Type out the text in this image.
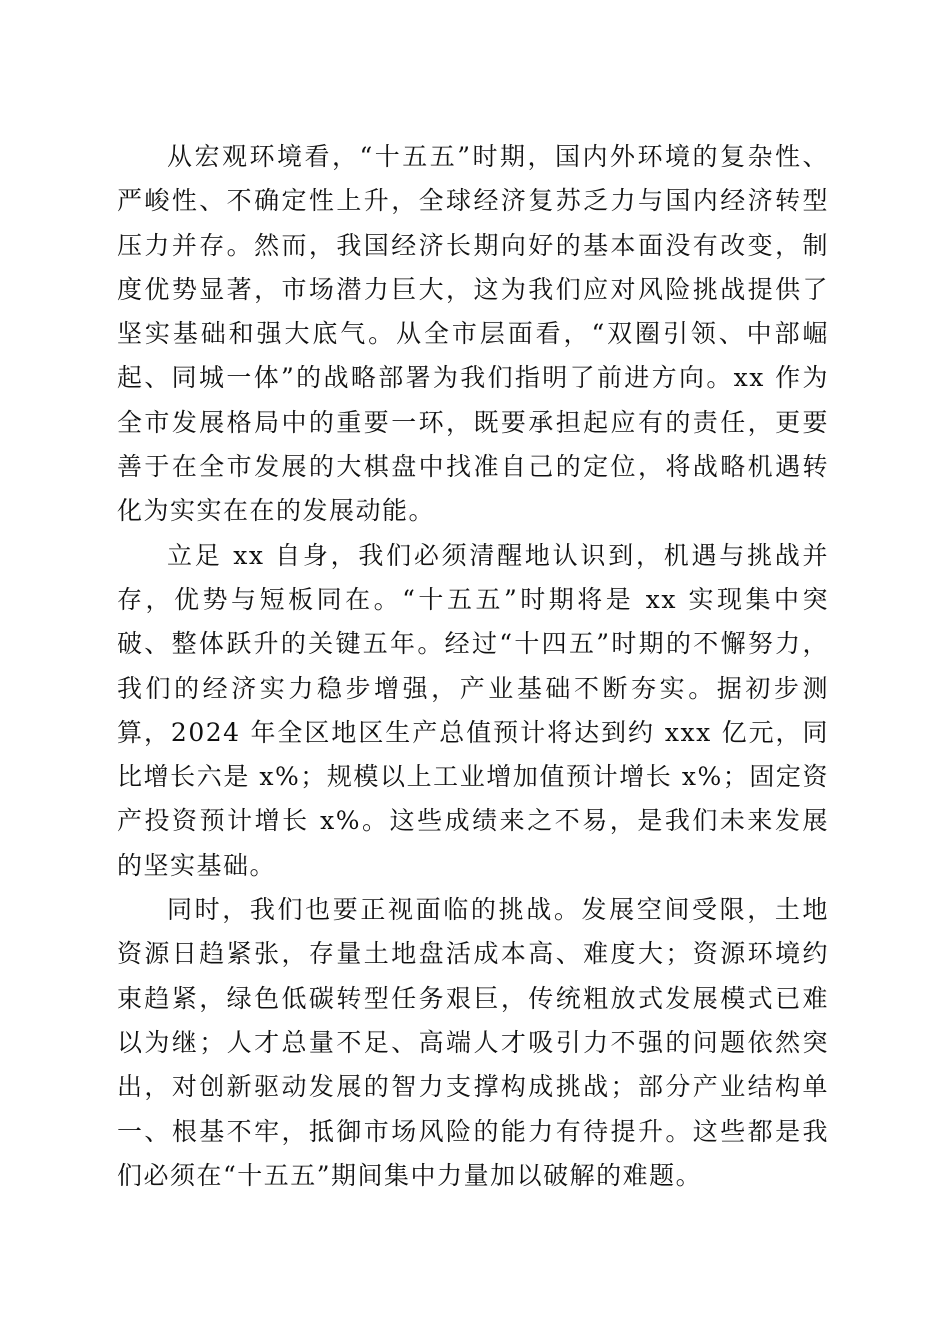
从宏观环境看，“十五五”时期，国内外环境的复杂性、严峻性、不确定性上升，全球经济复苏乏力与国内经济转型压力并存。然而，我国经济长期向好的基本面没有改变，制度优势显著，市场潜力巨大，这为我们应对风险挑战提供了坚实基础和强大底气。从全市层面看，“双圈引领、中部崛起、同城一体”的战略部署为我们指明了前进方向。xx 作为全市发展格局中的重要一环，既要承担起应有的责任，更要善于在全市发展的大棋盘中找准自己的定位，将战略机遇转化为实实在在的发展动能。

立足 xx 自身，我们必须清醒地认识到，机遇与挑战并存，优势与短板同在。“十五五”时期将是 xx 实现集中突破、整体跃升的关键五年。经过“十四五”时期的不懈努力，我们的经济实力稳步增强，产业基础不断夯实。据初步测算，2024 年全区地区生产总值预计将达到约 xxx 亿元，同比增长六是 x%；规模以上工业增加值预计增长 x%；固定资产投资预计增长 x%。这些成绩来之不易，是我们未来发展的坚实基础。

同时，我们也要正视面临的挑战。发展空间受限，土地资源日趋紧张，存量土地盘活成本高、难度大；资源环境约束趋紧，绿色低碳转型任务艰巨，传统粗放式发展模式已难以为继；人才总量不足、高端人才吸引力不强的问题依然突出，对创新驱动发展的智力支撑构成挑战；部分产业结构单一、根基不牢，抵御市场风险的能力有待提升。这些都是我们必须在“十五五”期间集中力量加以破解的难题。
